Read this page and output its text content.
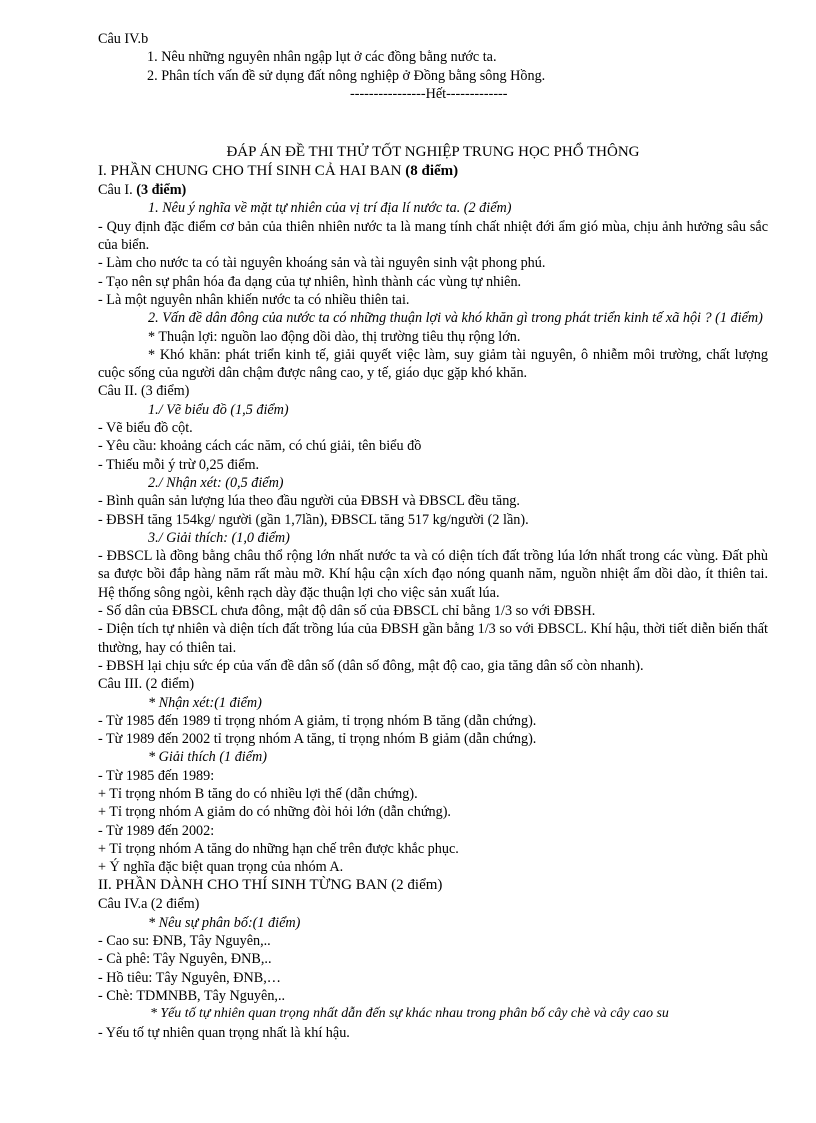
Câu IV.b
1. Nêu những nguyên nhân ngập lụt ở các đồng bằng nước ta.
2. Phân tích vấn đề sử dụng đất nông nghiệp ở Đồng bằng sông Hồng.
----------------Hết-------------
ĐÁP ÁN ĐỀ THI THỬ TỐT NGHIỆP TRUNG HỌC PHỔ THÔNG
I. PHẦN CHUNG CHO THÍ SINH CẢ HAI BAN (8 điểm)
Câu I. (3 điểm)
1. Nêu ý nghĩa về mặt tự nhiên của vị trí địa lí nước ta. (2 điểm)
- Quy định đặc điểm cơ bản của thiên nhiên nước ta là mang tính chất nhiệt đới ẩm gió mùa, chịu ảnh hưởng sâu sắc của biển.
- Làm cho nước ta có tài nguyên khoáng sản và tài nguyên sinh vật phong phú.
- Tạo nên sự phân hóa đa dạng của tự nhiên, hình thành các vùng tự nhiên.
- Là một nguyên nhân khiến nước ta có nhiều thiên tai.
2. Vấn đề dân đông của nước ta có những thuận lợi và khó khăn gì trong phát triển kinh tế xã hội ? (1 điểm)
* Thuận lợi: nguồn lao động dồi dào, thị trường tiêu thụ rộng lớn.
* Khó khăn: phát triển kinh tế, giải quyết việc làm, suy giảm tài nguyên, ô nhiễm môi trường, chất lượng cuộc sống của người dân chậm được nâng cao, y tế, giáo dục gặp khó khăn.
Câu II. (3 điểm)
1./ Vẽ biểu đồ (1,5 điểm)
- Vẽ biểu đồ cột.
- Yêu cầu: khoảng cách các năm, có chú giải, tên biểu đồ
- Thiếu mỗi ý trừ 0,25 điểm.
2./ Nhận xét: (0,5 điểm)
- Bình quân sản lượng lúa theo đầu người của ĐBSH và ĐBSCL đều tăng.
- ĐBSH tăng 154kg/ người (gần 1,7lần), ĐBSCL tăng 517 kg/người (2 lần).
3./ Giải thích: (1,0 điểm)
- ĐBSCL là đồng bằng châu thổ rộng lớn nhất nước ta và có diện tích đất trồng lúa lớn nhất trong các vùng. Đất phù sa được bồi đắp hàng năm rất màu mỡ. Khí hậu cận xích đạo nóng quanh năm, nguồn nhiệt ẩm dồi dào, ít thiên tai. Hệ thống sông ngòi, kênh rạch dày đặc thuận lợi cho việc sản xuất lúa.
- Số dân của ĐBSCL chưa đông, mật độ dân số của ĐBSCL chỉ bằng 1/3 so với ĐBSH.
- Diện tích tự nhiên và diện tích đất trồng lúa của ĐBSH gần bằng 1/3 so với ĐBSCL. Khí hậu, thời tiết diễn biến thất thường, hay có thiên tai.
- ĐBSH lại chịu sức ép của vấn đề dân số (dân số đông, mật độ cao, gia tăng dân số còn nhanh).
Câu III. (2 điểm)
* Nhận xét:(1 điểm)
- Từ 1985 đến 1989 tỉ trọng nhóm A giảm, tỉ trọng nhóm B tăng (dẫn chứng).
- Từ 1989 đến 2002 tỉ trọng nhóm A tăng, tỉ trọng nhóm B giảm (dẫn chứng).
* Giải thích (1 điểm)
- Từ 1985 đến 1989:
+ Tỉ trọng nhóm B tăng do có nhiều lợi thế (dẫn chứng).
+ Tỉ trọng nhóm A giảm do có những đòi hỏi lớn (dẫn chứng).
- Từ 1989 đến 2002:
+ Tỉ trọng nhóm A tăng do những hạn chế trên được khắc phục.
+ Ý nghĩa đặc biệt quan trọng của nhóm A.
II. PHẦN DÀNH CHO THÍ SINH TỪNG BAN (2 điểm)
Câu IV.a (2 điểm)
* Nêu sự phân bố:(1 điểm)
- Cao su: ĐNB, Tây Nguyên,..
- Cà phê: Tây Nguyên, ĐNB,..
- Hồ tiêu: Tây Nguyên, ĐNB,…
- Chè: TDMNBB, Tây Nguyên,..
* Yếu tố tự nhiên quan trọng nhất dẫn đến sự khác nhau trong phân bố cây chè và cây cao su
- Yếu tố tự nhiên quan trọng nhất là khí hậu.
